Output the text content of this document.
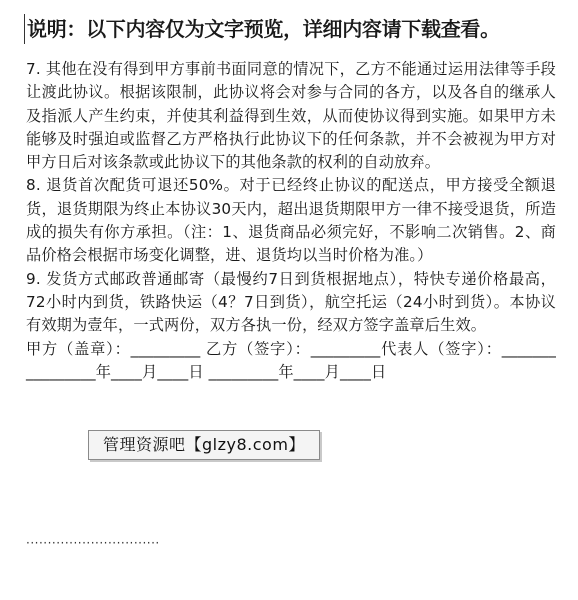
说明：以下内容仅为文字预览，详细内容请下载查看。

7. 其他在没有得到甲方事前书面同意的情况下，乙方不能通过运用法律等手段让渡此协议。根据该限制，此协议将会对参与合同的各方，以及各自的继承人及指派人产生约束，并使其利益得到生效，从而使协议得到实施。如果甲方未能够及时强迫或监督乙方严格执行此协议下的任何条款，并不会被视为甲方对甲方日后对该条款或此协议下的其他条款的权利的自动放弃。

8. 退货首次配货可退还50%。对于已经终止协议的配送点，甲方接受全额退货，退货期限为终止本协议30天内，超出退货期限甲方一律不接受退货，所造成的损失有你方承担。（注：1、退货商品必须完好，不影响二次销售。2、商品价格会根据市场变化调整，进、退货均以当时价格为准。）

9. 发货方式邮政普通邮寄（最慢约7日到货根据地点），特快专递价格最高，72小时内到货，铁路快运（4？7日到货），航空托运（24小时到货）。本协议有效期为壹年，一式两份，双方各执一份，经双方签字盖章后生效。

甲方（盖章）：_________ 乙方（签字）：_________代表人（签字）：_______ _________年____月____日 _________年____月____日

管理资源吧【glzy8.com】
·······························
